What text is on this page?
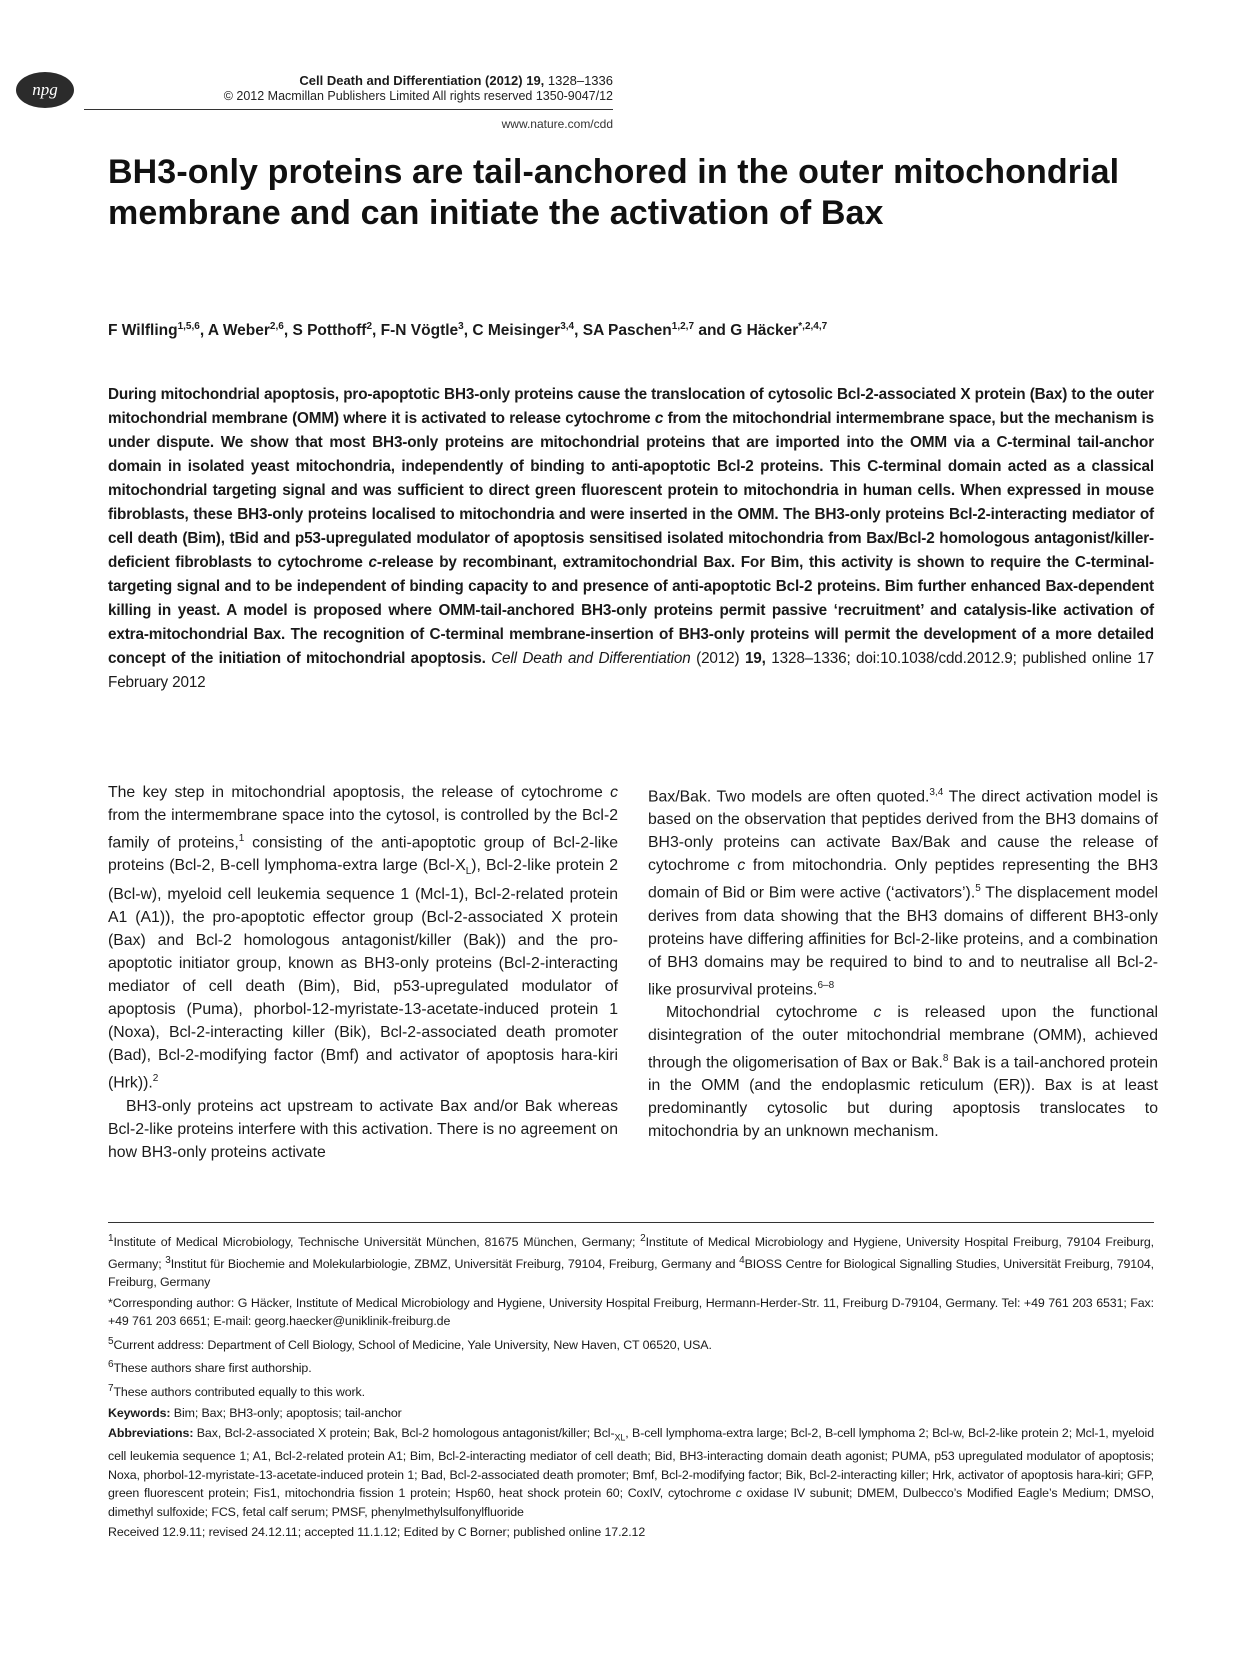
npg	Cell Death and Differentiation (2012) 19, 1328–1336
© 2012 Macmillan Publishers Limited All rights reserved 1350-9047/12
www.nature.com/cdd
BH3-only proteins are tail-anchored in the outer mitochondrial membrane and can initiate the activation of Bax
F Wilfling$^{1,5,6}$, A Weber$^{2,6}$, S Potthoff$^2$, F-N Vögtle$^3$, C Meisinger$^{3,4}$, SA Paschen$^{1,2,7}$ and G Häcker$^{*,2,4,7}$
During mitochondrial apoptosis, pro-apoptotic BH3-only proteins cause the translocation of cytosolic Bcl-2-associated X protein (Bax) to the outer mitochondrial membrane (OMM) where it is activated to release cytochrome c from the mitochondrial intermembrane space, but the mechanism is under dispute. We show that most BH3-only proteins are mitochondrial proteins that are imported into the OMM via a C-terminal tail-anchor domain in isolated yeast mitochondria, independently of binding to anti-apoptotic Bcl-2 proteins. This C-terminal domain acted as a classical mitochondrial targeting signal and was sufficient to direct green fluorescent protein to mitochondria in human cells. When expressed in mouse fibroblasts, these BH3-only proteins localised to mitochondria and were inserted in the OMM. The BH3-only proteins Bcl-2-interacting mediator of cell death (Bim), tBid and p53-upregulated modulator of apoptosis sensitised isolated mitochondria from Bax/Bcl-2 homologous antagonist/killer-deficient fibroblasts to cytochrome c-release by recombinant, extramitochondrial Bax. For Bim, this activity is shown to require the C-terminal-targeting signal and to be independent of binding capacity to and presence of anti-apoptotic Bcl-2 proteins. Bim further enhanced Bax-dependent killing in yeast. A model is proposed where OMM-tail-anchored BH3-only proteins permit passive ‘recruitment’ and catalysis-like activation of extra-mitochondrial Bax. The recognition of C-terminal membrane-insertion of BH3-only proteins will permit the development of a more detailed concept of the initiation of mitochondrial apoptosis. Cell Death and Differentiation (2012) 19, 1328–1336; doi:10.1038/cdd.2012.9; published online 17 February 2012

The key step in mitochondrial apoptosis, the release of cytochrome c from the intermembrane space into the cytosol, is controlled by the Bcl-2 family of proteins,$^1$ consisting of the anti-apoptotic group of Bcl-2-like proteins (Bcl-2, B-cell lymphoma-extra large $(Bcl-X_L)$, Bcl-2-like protein 2 (Bcl-w), myeloid cell leukemia sequence 1 (Mcl-1), Bcl-2-related protein A1 (A1)), the pro-apoptotic effector group (Bcl-2-associated X protein (Bax) and Bcl-2 homologous antagonist/killer (Bak)) and the pro-apoptotic initiator group, known as BH3-only proteins (Bcl-2-interacting mediator of cell death (Bim), Bid, p53-upregulated modulator of apoptosis (Puma), phorbol-12-myristate-13-acetate-induced protein 1 (Noxa), Bcl-2-interacting killer (Bik), Bcl-2-associated death promoter (Bad), Bcl-2-modifying factor (Bmf) and activator of apoptosis hara-kiri (Hrk)).$^2$

BH3-only proteins act upstream to activate Bax and/or Bak whereas Bcl-2-like proteins interfere with this activation. There is no agreement on how BH3-only proteins activate

Bax/Bak. Two models are often quoted.$^{3,4}$ The direct activation model is based on the observation that peptides derived from the BH3 domains of BH3-only proteins can activate Bax/Bak and cause the release of cytochrome c from mitochondria. Only peptides representing the BH3 domain of Bid or Bim were active (‘activators’).$^5$ The displacement model derives from data showing that the BH3 domains of different BH3-only proteins have differing affinities for Bcl-2-like proteins, and a combination of BH3 domains may be required to bind to and to neutralise all Bcl-2-like prosurvival proteins.$^{6-8}$

Mitochondrial cytochrome c is released upon the functional disintegration of the outer mitochondrial membrane (OMM), achieved through the oligomerisation of Bax or Bak.$^8$ Bak is a tail-anchored protein in the OMM (and the endoplasmic reticulum (ER)). Bax is at least predominantly cytosolic but during apoptosis translocates to mitochondria by an unknown mechanism.

$^1$Institute of Medical Microbiology, Technische Universität München, 81675 München, Germany; $^2$Institute of Medical Microbiology and Hygiene, University Hospital Freiburg, 79104 Freiburg, Germany; $^3$Institut für Biochemie and Molekularbiologie, ZBMZ, Universität Freiburg, 79104, Freiburg, Germany and $^4$BIOSS Centre for Biological Signalling Studies, Universität Freiburg, 79104, Freiburg, Germany

*Corresponding author: G Häcker, Institute of Medical Microbiology and Hygiene, University Hospital Freiburg, Hermann-Herder-Str. 11, Freiburg D-79104, Germany. Tel: +49 761 203 6531; Fax: +49 761 203 6651; E-mail: georg.haecker@uniklinik-freiburg.de

$^5$Current address: Department of Cell Biology, School of Medicine, Yale University, New Haven, CT 06520, USA.

$^6$These authors share first authorship.

$^7$These authors contributed equally to this work.

Keywords: Bim; Bax; BH3-only; apoptosis; tail-anchor

Abbreviations: Bax, Bcl-2-associated X protein; Bak, Bcl-2 homologous antagonist/killer; Bcl-$_{XL}$, B-cell lymphoma-extra large; Bcl-2, B-cell lymphoma 2; Bcl-w, Bcl-2-like protein 2; Mcl-1, myeloid cell leukemia sequence 1; A1, Bcl-2-related protein A1; Bim, Bcl-2-interacting mediator of cell death; Bid, BH3-interacting domain death agonist; PUMA, p53 upregulated modulator of apoptosis; Noxa, phorbol-12-myristate-13-acetate-induced protein 1; Bad, Bcl-2-associated death promoter; Bmf, Bcl-2-modifying factor; Bik, Bcl-2-interacting killer; Hrk, activator of apoptosis hara-kiri; GFP, green fluorescent protein; Fis1, mitochondria fission 1 protein; Hsp60, heat shock protein 60; CoxIV, cytochrome c oxidase IV subunit; DMEM, Dulbecco’s Modified Eagle’s Medium; DMSO, dimethyl sulfoxide; FCS, fetal calf serum; PMSF, phenylmethylsulfonylfluoride

Received 12.9.11; revised 24.12.11; accepted 11.1.12; Edited by C Borner; published online 17.2.12
